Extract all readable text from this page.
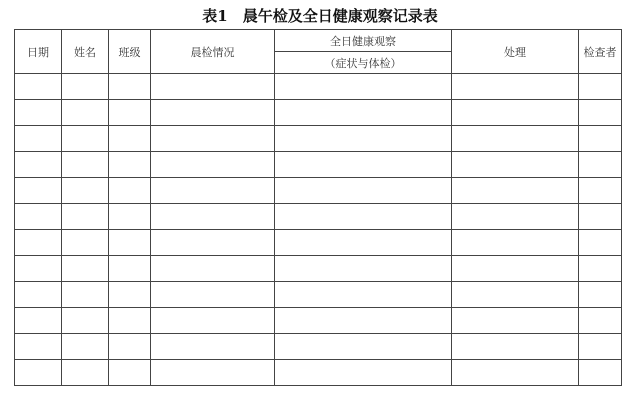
表1　晨午检及全日健康观察记录表
日期	姓名	班级	晨检情况	全日健康观察	处理	检查者
				（症状与体检）		
